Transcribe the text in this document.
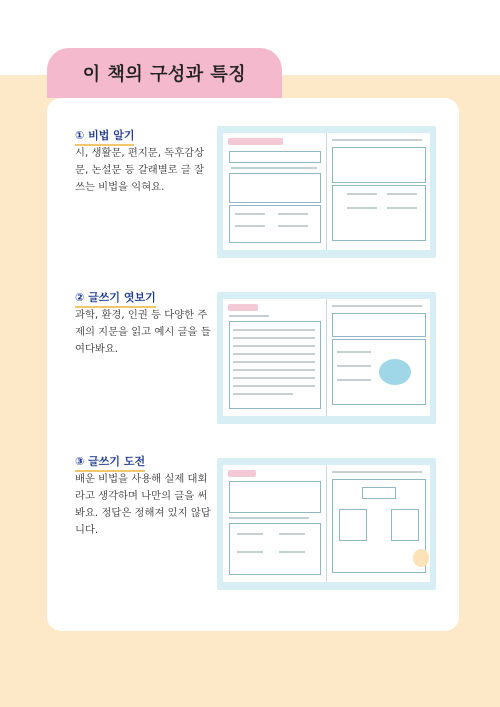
이 책의 구성과 특징
① 비법 알기
시, 생활문, 편지문, 독후감상문, 논설문 등 갈래별로 글 잘 쓰는 비법을 익혀요.
② 글쓰기 엿보기
과학, 환경, 인권 등 다양한 주제의 지문을 읽고 예시 글을 들여다봐요.
③ 글쓰기 도전
배운 비법을 사용해 실제 대회라고 생각하며 나만의 글을 써 봐요. 정답은 정해져 있지 않답니다.
